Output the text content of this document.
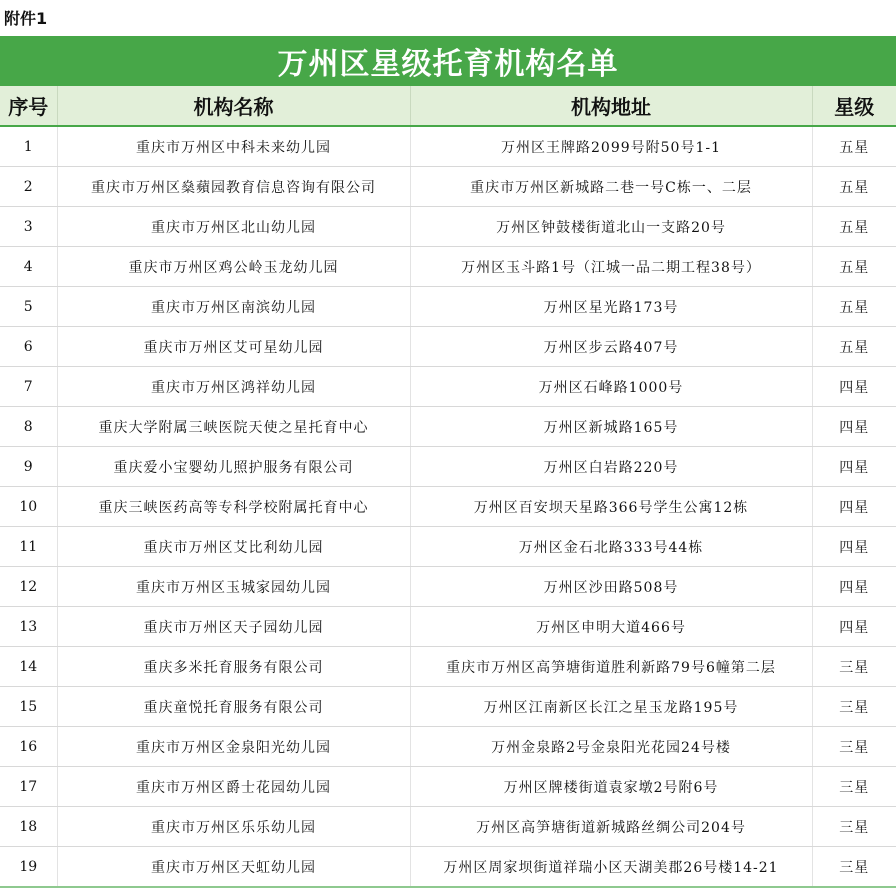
附件1
万州区星级托育机构名单
序号	机构名称	机构地址	星级
1	重庆市万州区中科未来幼儿园	万州区王牌路2099号附50号1-1	五星
2	重庆市万州区燊蘋园教育信息咨询有限公司	重庆市万州区新城路二巷一号C栋一、二层	五星
3	重庆市万州区北山幼儿园	万州区钟鼓楼街道北山一支路20号	五星
4	重庆市万州区鸡公岭玉龙幼儿园	万州区玉斗路1号（江城一品二期工程38号）	五星
5	重庆市万州区南滨幼儿园	万州区星光路173号	五星
6	重庆市万州区艾可星幼儿园	万州区步云路407号	五星
7	重庆市万州区鸿祥幼儿园	万州区石峰路1000号	四星
8	重庆大学附属三峡医院天使之星托育中心	万州区新城路165号	四星
9	重庆爱小宝婴幼儿照护服务有限公司	万州区白岩路220号	四星
10	重庆三峡医药高等专科学校附属托育中心	万州区百安坝天星路366号学生公寓12栋	四星
11	重庆市万州区艾比利幼儿园	万州区金石北路333号44栋	四星
12	重庆市万州区玉城家园幼儿园	万州区沙田路508号	四星
13	重庆市万州区天子园幼儿园	万州区申明大道466号	四星
14	重庆多米托育服务有限公司	重庆市万州区高笋塘街道胜利新路79号6幢第二层	三星
15	重庆童悦托育服务有限公司	万州区江南新区长江之星玉龙路195号	三星
16	重庆市万州区金泉阳光幼儿园	万州金泉路2号金泉阳光花园24号楼	三星
17	重庆市万州区爵士花园幼儿园	万州区牌楼街道袁家墩2号附6号	三星
18	重庆市万州区乐乐幼儿园	万州区高笋塘街道新城路丝绸公司204号	三星
19	重庆市万州区天虹幼儿园	万州区周家坝街道祥瑞小区天湖美郡26号楼14-21	三星
